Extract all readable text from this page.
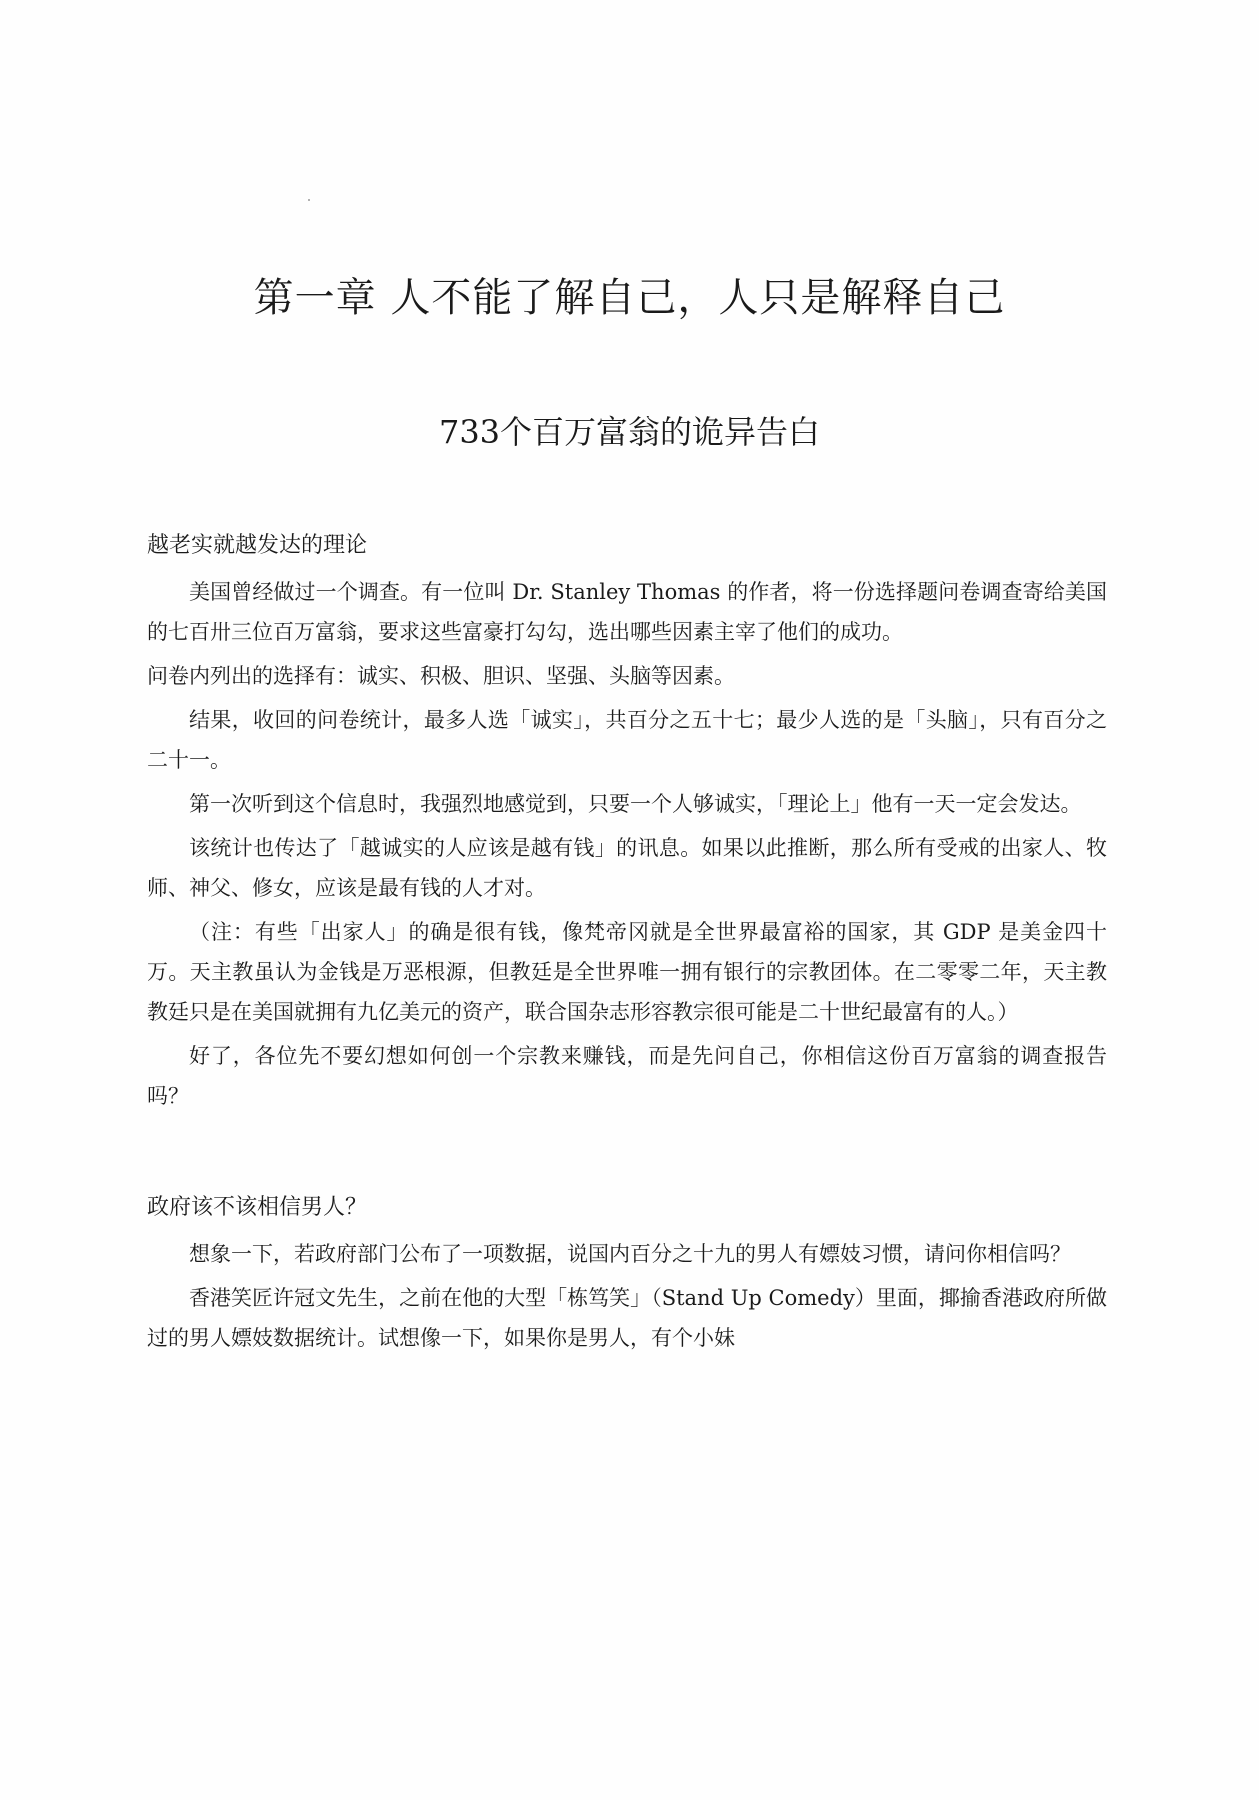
第一章 人不能了解自己，人只是解释自己
733个百万富翁的诡异告白
越老实就越发达的理论

美国曾经做过一个调查。有一位叫 Dr. Stanley Thomas 的作者，将一份选择题问卷调查寄给美国的七百卅三位百万富翁，要求这些富豪打勾勾，选出哪些因素主宰了他们的成功。

问卷内列出的选择有：诚实、积极、胆识、坚强、头脑等因素。

结果，收回的问卷统计，最多人选「诚实」，共百分之五十七；最少人选的是「头脑」，只有百分之二十一。

第一次听到这个信息时，我强烈地感觉到，只要一个人够诚实，「理论上」他有一天一定会发达。

该统计也传达了「越诚实的人应该是越有钱」的讯息。如果以此推断，那么所有受戒的出家人、牧师、神父、修女，应该是最有钱的人才对。

（注：有些「出家人」的确是很有钱，像梵帝冈就是全世界最富裕的国家，其 GDP 是美金四十万。天主教虽认为金钱是万恶根源，但教廷是全世界唯一拥有银行的宗教团体。在二零零二年，天主教教廷只是在美国就拥有九亿美元的资产，联合国杂志形容教宗很可能是二十世纪最富有的人。）

好了，各位先不要幻想如何创一个宗教来赚钱，而是先问自己，你相信这份百万富翁的调查报告吗？

政府该不该相信男人？

想象一下，若政府部门公布了一项数据，说国内百分之十九的男人有嫖妓习惯，请问你相信吗？

香港笑匠许冠文先生，之前在他的大型「栋笃笑」（Stand Up Comedy）里面，揶揄香港政府所做过的男人嫖妓数据统计。试想像一下，如果你是男人，有个小妹
